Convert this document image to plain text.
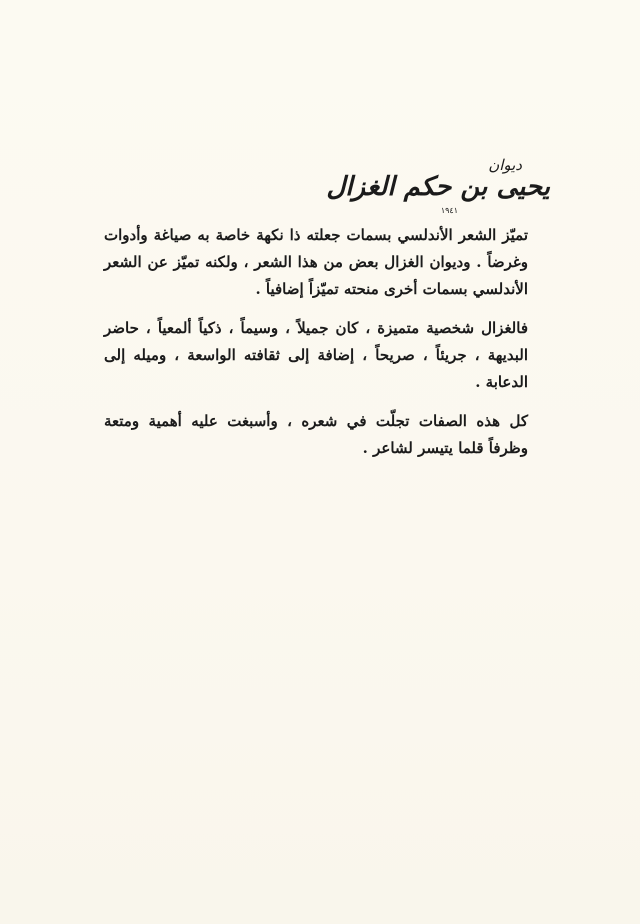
ديوان
يحيى بن حكم الغزال
١٩٤١

تميّز الشعر الأندلسي بسمات جعلته ذا نكهة خاصة به صياغة وأدوات وغرضاً . وديوان الغزال بعض من هذا الشعر ، ولكنه تميّز عن الشعر الأندلسي بسمات أخرى منحته تميّزاً إضافياً .

فالغزال شخصية متميزة ، كان جميلاً ، وسيماً ، ذكياً ألمعياً ، حاضر البديهة ، جريئاً ، صريحاً ، إضافة إلى ثقافته الواسعة ، وميله إلى الدعابة .

كل هذه الصفات تجلّت في شعره ، وأسبغت عليه أهمية ومتعة وظرفاً قلما يتيسر لشاعر .
